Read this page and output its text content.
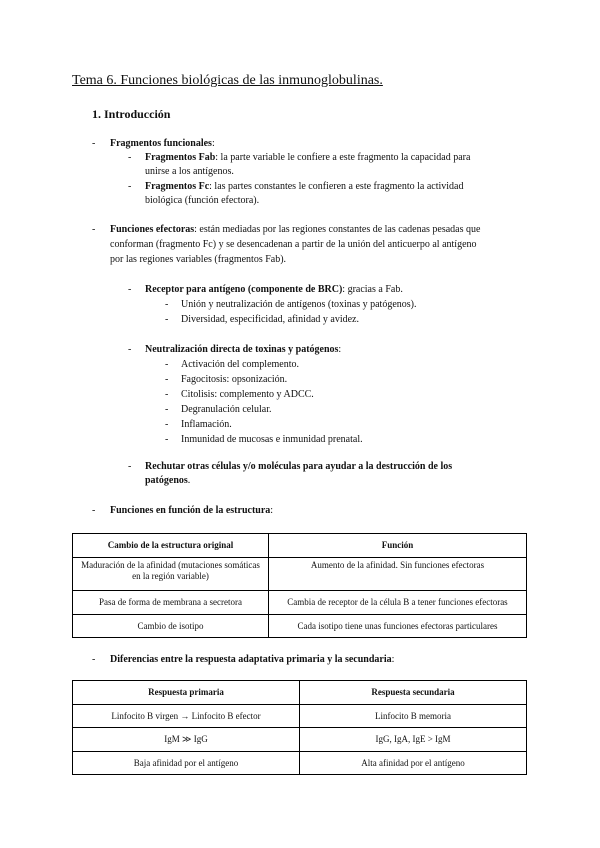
Tema 6. Funciones biológicas de las inmunoglobulinas.
1. Introducción
- Fragmentos funcionales:
- Fragmentos Fab: la parte variable le confiere a este fragmento la capacidad para
unirse a los antígenos.
- Fragmentos Fc: las partes constantes le confieren a este fragmento la actividad
biológica (función efectora).
- Funciones efectoras: están mediadas por las regiones constantes de las cadenas pesadas que
conforman (fragmento Fc) y se desencadenan a partir de la unión del anticuerpo al antígeno
por las regiones variables (fragmentos Fab).
- Receptor para antígeno (componente de BRC): gracias a Fab.
- Unión y neutralización de antígenos (toxinas y patógenos).
- Diversidad, especificidad, afinidad y avidez.
- Neutralización directa de toxinas y patógenos:
- Activación del complemento.
- Fagocitosis: opsonización.
- Citolisis: complemento y ADCC.
- Degranulación celular.
- Inflamación.
- Inmunidad de mucosas e inmunidad prenatal.
- Rechutar otras células y/o moléculas para ayudar a la destrucción de los
patógenos.
- Funciones en función de la estructura:
Cambio de la estructura original	Función
Maduración de la afinidad (mutaciones somáticas en la región variable)	Aumento de la afinidad. Sin funciones efectoras
Pasa de forma de membrana a secretora	Cambia de receptor de la célula B a tener funciones efectoras
Cambio de isotipo	Cada isotipo tiene unas funciones efectoras particulares
- Diferencias entre la respuesta adaptativa primaria y la secundaria:
Respuesta primaria	Respuesta secundaria
Linfocito B virgen → Linfocito B efector	Linfocito B memoria
IgM ≫ IgG	IgG, IgA, IgE > IgM
Baja afinidad por el antígeno	Alta afinidad por el antígeno
